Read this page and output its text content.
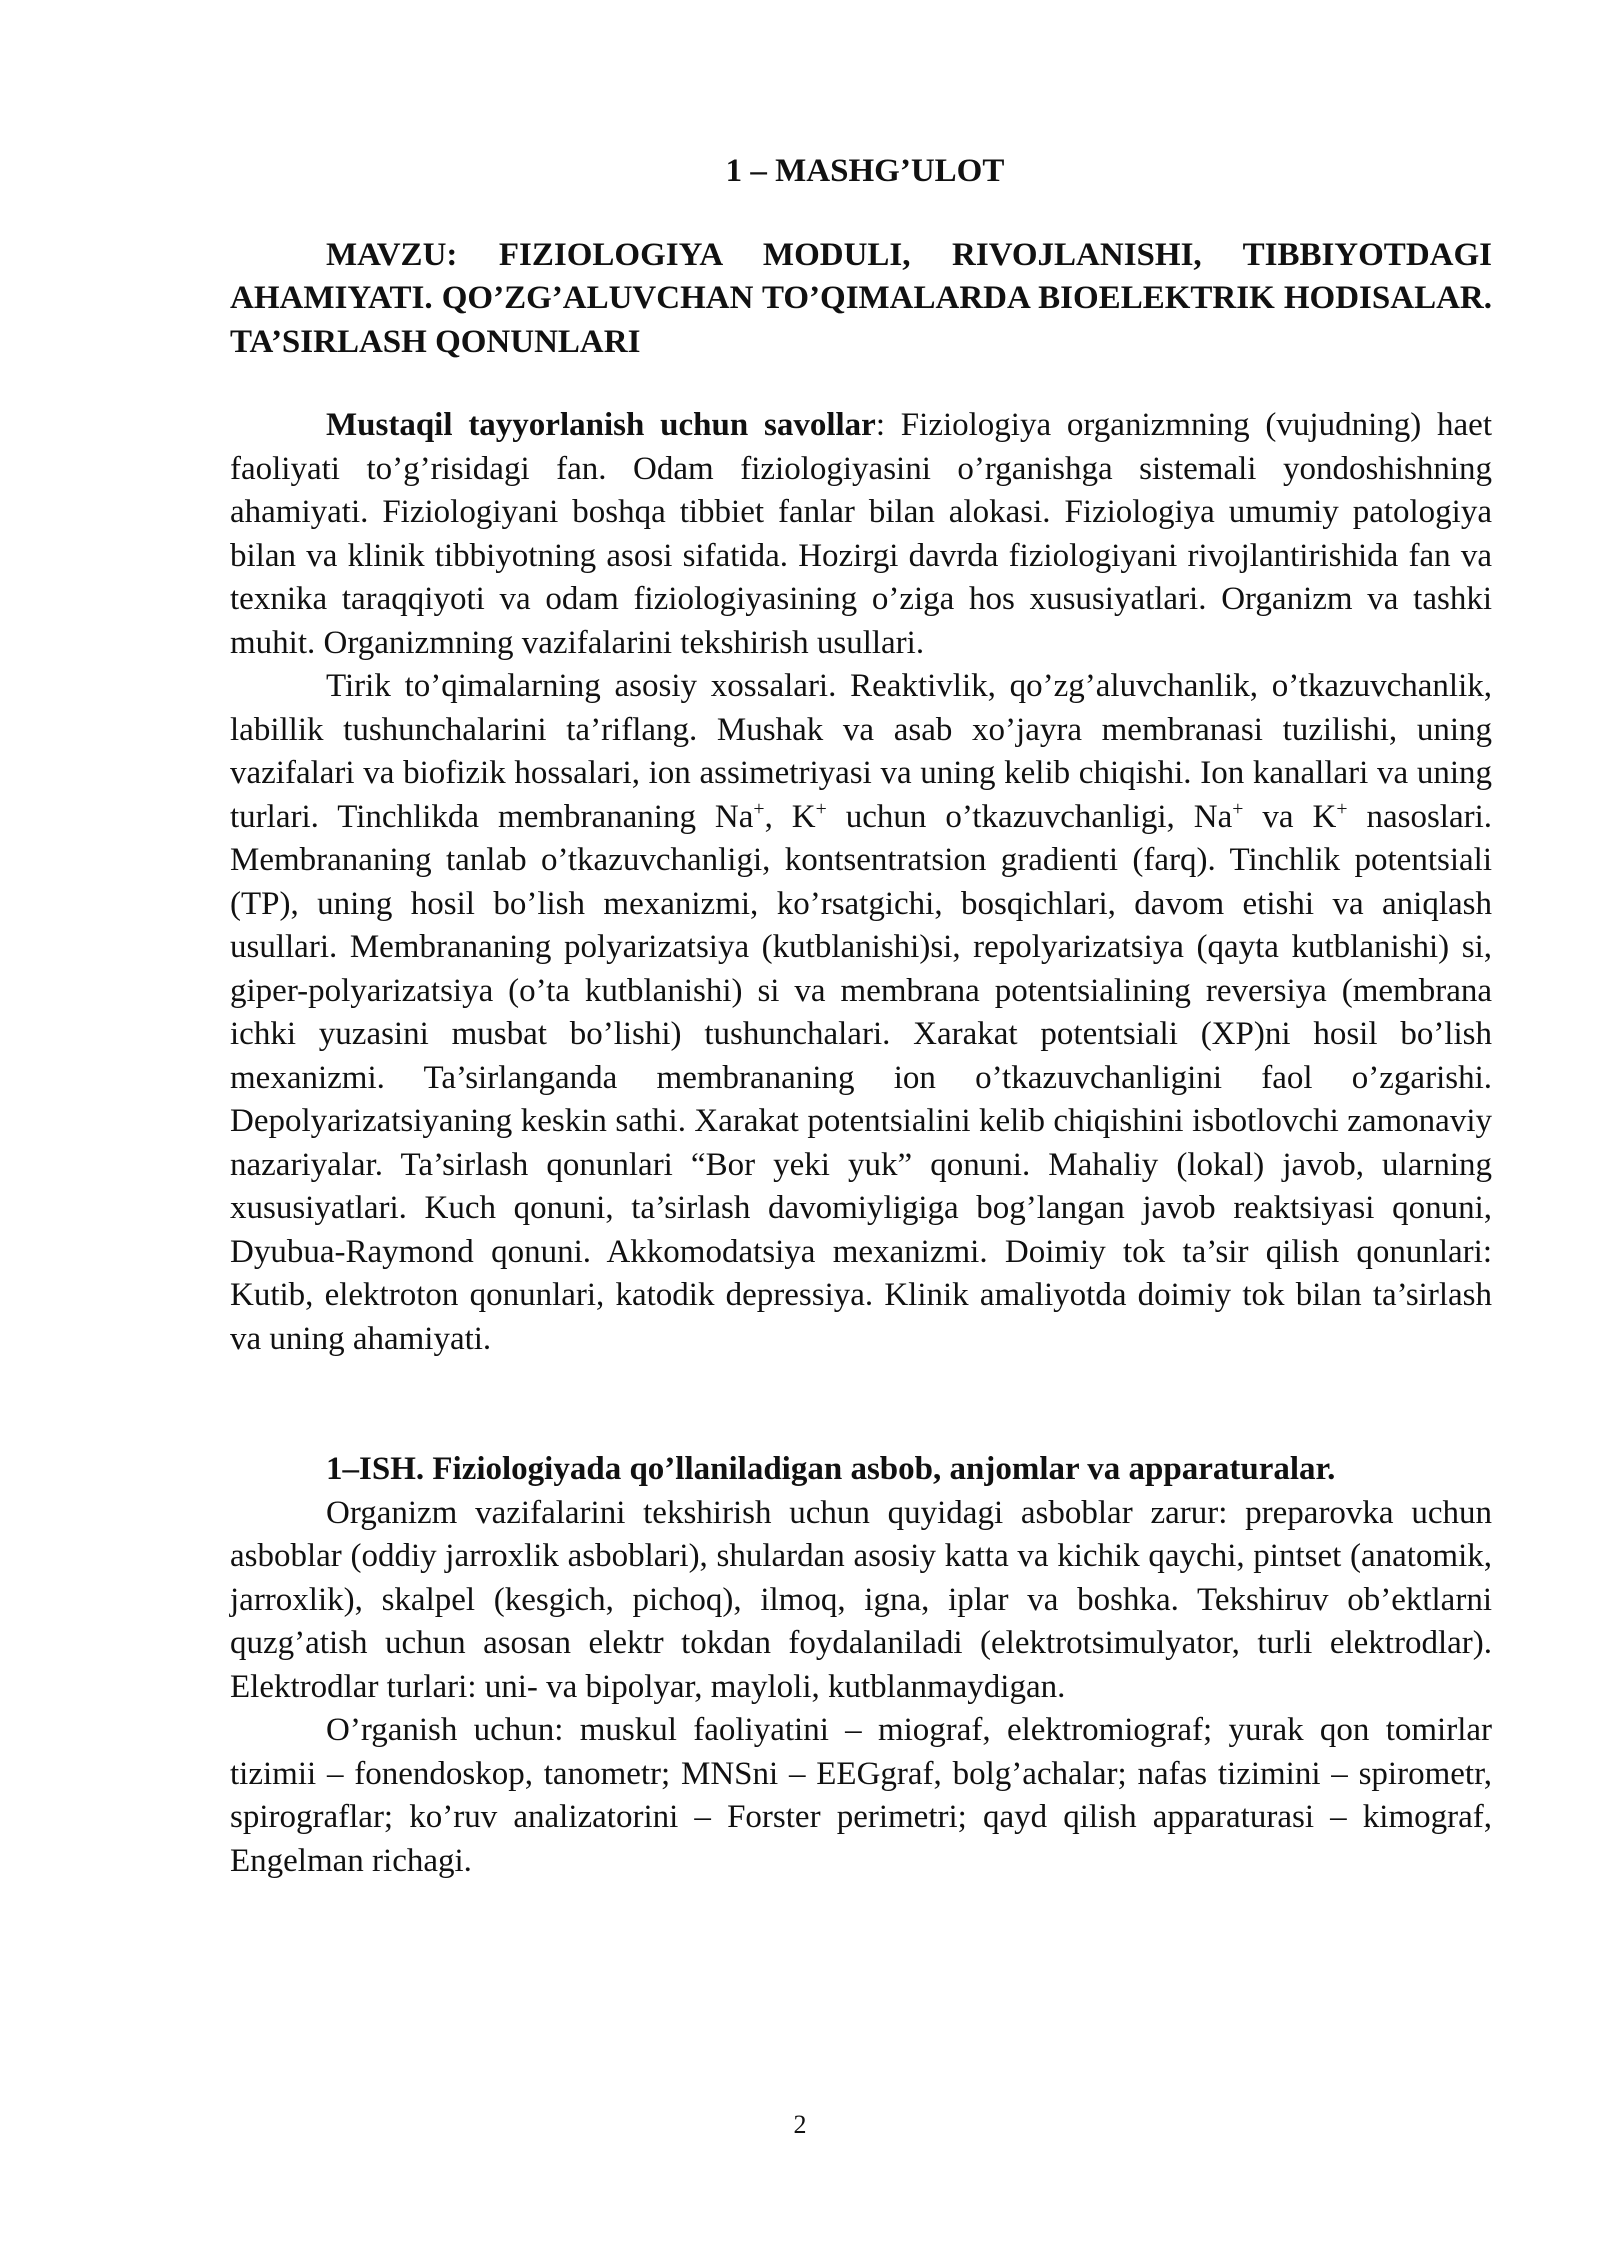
1 – MASHG’ULOT
MAVZU: FIZIOLOGIYA MODULI, RIVOJLANISHI, TIBBIYOTDAGI AHAMIYATI. QO’ZG’ALUVCHAN TO’QIMALARDA BIOELEKTRIK HODISALAR. TA’SIRLASH QONUNLARI

Mustaqil tayyorlanish uchun savollar: Fiziologiya organizmning (vujudning) haet faoliyati to’g’risidagi fan. Odam fiziologiyasini o’rganishga sistemali yondoshishning ahamiyati. Fiziologiyani boshqa tibbiet fanlar bilan alokasi. Fiziologiya umumiy patologiya bilan va klinik tibbiyotning asosi sifatida. Hozirgi davrda fiziologiyani rivojlantirishida fan va texnika taraqqiyoti va odam fiziologiyasining o’ziga hos xususiyatlari. Organizm va tashki muhit. Organizmning vazifalarini tekshirish usullari.

Tirik to’qimalarning asosiy xossalari. Reaktivlik, qo’zg’aluvchanlik, o’tkazuvchanlik, labillik tushunchalarini ta’riflang. Mushak va asab xo’jayra membranasi tuzilishi, uning vazifalari va biofizik hossalari, ion assimetriyasi va uning kelib chiqishi. Ion kanallari va uning turlari. Tinchlikda membrananing Na+, K+ uchun o’tkazuvchanligi, Na+ va K+ nasoslari. Membrananing tanlab o’tkazuvchanligi, kontsentratsion gradienti (farq). Tinchlik potentsiali (TP), uning hosil bo’lish mexanizmi, ko’rsatgichi, bosqichlari, davom etishi va aniqlash usullari. Membrananing polyarizatsiya (kutblanishi)si, repolyarizatsiya (qayta kutblanishi) si, giper-polyarizatsiya (o’ta kutblanishi) si va membrana potentsialining reversiya (membrana ichki yuzasini musbat bo’lishi) tushunchalari. Xarakat potentsiali (XP)ni hosil bo’lish mexanizmi. Ta’sirlanganda membrananing ion o’tkazuvchanligini faol o’zgarishi. Depolyarizatsiyaning keskin sathi. Xarakat potentsialini kelib chiqishini isbotlovchi zamonaviy nazariyalar. Ta’sirlash qonunlari “Bor yeki yuk” qonuni. Mahaliy (lokal) javob, ularning xususiyatlari. Kuch qonuni, ta’sirlash davomiyligiga bog’langan javob reaktsiyasi qonuni, Dyubua-Raymond qonuni. Akkomodatsiya mexanizmi. Doimiy tok ta’sir qilish qonunlari: Kutib, elektroton qonunlari, katodik depressiya. Klinik amaliyotda doimiy tok bilan ta’sirlash va uning ahamiyati.

1–ISH. Fiziologiyada qo’llaniladigan asbob, anjomlar va apparaturalar.

Organizm vazifalarini tekshirish uchun quyidagi asboblar zarur: preparovka uchun asboblar (oddiy jarroxlik asboblari), shulardan asosiy katta va kichik qaychi, pintset (anatomik, jarroxlik), skalpel (kesgich, pichoq), ilmoq, igna, iplar va boshka. Tekshiruv ob’ektlarni quzg’atish uchun asosan elektr tokdan foydalaniladi (elektrotsimulyator, turli elektrodlar). Elektrodlar turlari: uni- va bipolyar, mayloli, kutblanmaydigan.

O’rganish uchun: muskul faoliyatini – miograf, elektromiograf; yurak qon tomirlar tizimii – fonendoskop, tanometr; MNSni – EEGgraf, bolg’achalar; nafas tizimini – spirometr, spirograflar; ko’ruv analizatorini – Forster perimetri; qayd qilish apparaturasi – kimograf, Engelman richagi.

2
